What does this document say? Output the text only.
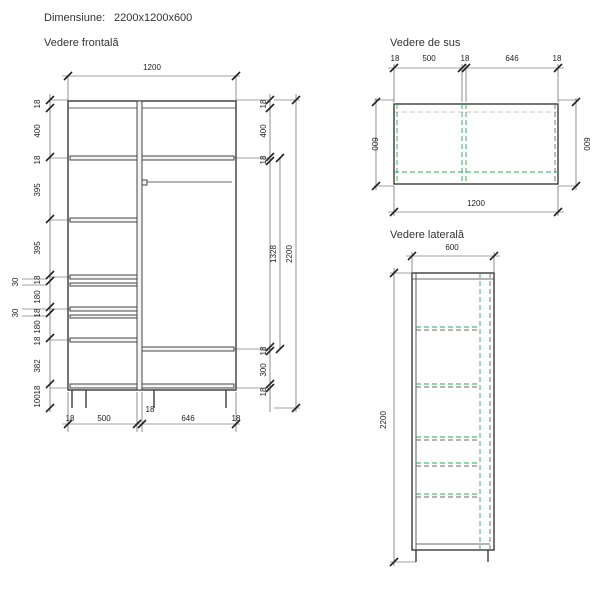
Dimensiune: 2200x1200x600
Vedere frontală	Vedere de sus
Vedere laterală
1200
18	500
18
646	18
18
400
18
395
395
18
180
18
180
18
382
18
100
30
30
18
400
18
18
300
18
1328 2200
18	500	18	646	18
600	600
1200
600
2200
